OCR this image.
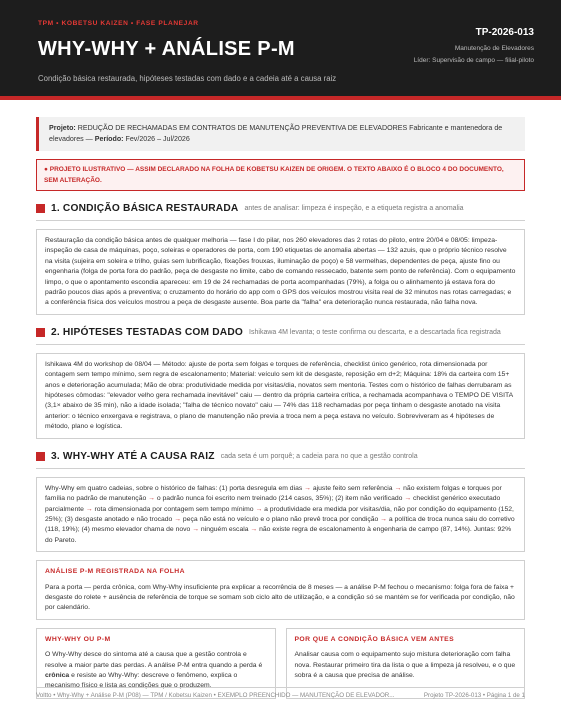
TPM • KOBETSU KAIZEN • FASE PLANEJAR
WHY-WHY + ANÁLISE P-M
Condição básica restaurada, hipóteses testadas com dado e a cadeia até a causa raiz
TP-2026-013
Manutenção de Elevadores
Líder: Supervisão de campo — filial-piloto
Projeto: REDUÇÃO DE RECHAMADAS EM CONTRATOS DE MANUTENÇÃO PREVENTIVA DE ELEVADORES Fabricante e mantenedora de elevadores — Período: Fev/2026 – Jul/2026
● PROJETO ILUSTRATIVO — ASSIM DECLARADO NA FOLHA DE KOBETSU KAIZEN DE ORIGEM. O TEXTO ABAIXO É O BLOCO 4 DO DOCUMENTO, SEM ALTERAÇÃO.
1. CONDIÇÃO BÁSICA RESTAURADA antes de analisar: limpeza é inspeção, e a etiqueta registra a anomalia
Restauração da condição básica antes de qualquer melhoria — fase I do pilar, nos 260 elevadores das 2 rotas do piloto, entre 20/04 e 08/05: limpeza-inspeção de casa de máquinas, poço, soleiras e operadores de porta, com 190 etiquetas de anomalia abertas — 132 azuis, que o próprio técnico resolve na visita (sujeira em soleira e trilho, guias sem lubrificação, fixações frouxas, iluminação de poço) e 58 vermelhas, dependentes de peça, ajuste fino ou engenharia (folga de porta fora do padrão, peça de desgaste no limite, cabo de comando ressecado, batente sem ponto de referência). Com o equipamento limpo, o que o apontamento escondia apareceu: em 19 de 24 rechamadas de porta acompanhadas (79%), a folga ou o alinhamento já estava fora do padrão poucos dias após a preventiva; o cruzamento do horário do app com o GPS dos veículos mostrou visita real de 32 minutos nas rotas carregadas; e a conferência física dos veículos mostrou a peça de desgaste ausente. Boa parte da "falha" era deterioração nunca restaurada, não falha nova.
2. HIPÓTESES TESTADAS COM DADO Ishikawa 4M levanta; o teste confirma ou descarta, e a descartada fica registrada
Ishikawa 4M do workshop de 08/04 — Método: ajuste de porta sem folgas e torques de referência, checklist único genérico, rota dimensionada por contagem sem tempo mínimo, sem regra de escalonamento; Material: veículo sem kit de desgaste, reposição em d+2; Máquina: 18% da carteira com 15+ anos e deterioração acumulada; Mão de obra: produtividade medida por visitas/dia, novatos sem mentoria. Testes com o histórico de falhas derrubaram as hipóteses cômodas: "elevador velho gera rechamada inevitável" caiu — dentro da própria carteira crítica, a rechamada acompanhava o TEMPO DE VISITA (3,1× abaixo de 35 min), não a idade isolada; "falha de técnico novato" caiu — 74% das 118 rechamadas por peça tinham o desgaste anotado na visita anterior: o técnico enxergava e registrava, o plano de manutenção não previa a troca nem a peça estava no veículo. Sobreviveram as 4 hipóteses de método, plano e logística.
3. WHY-WHY ATÉ A CAUSA RAIZ cada seta é um porquê; a cadeia para no que a gestão controla
Why-Why em quatro cadeias, sobre o histórico de falhas: (1) porta desregula em dias → ajuste feito sem referência → não existem folgas e torques por família no padrão de manutenção → o padrão nunca foi escrito nem treinado (214 casos, 35%); (2) item não verificado → checklist genérico executado parcialmente → rota dimensionada por contagem sem tempo mínimo → a produtividade era medida por visitas/dia, não por condição do equipamento (152, 25%); (3) desgaste anotado e não trocado → peça não está no veículo e o plano não prevê troca por condição → a política de troca nunca saiu do corretivo (118, 19%); (4) mesmo elevador chama de novo → ninguém escala → não existe regra de escalonamento à engenharia de campo (87, 14%). Juntas: 92% do Pareto.
ANÁLISE P-M REGISTRADA NA FOLHA
Para a porta — perda crônica, com Why-Why insuficiente pra explicar a recorrência de 8 meses — a análise P-M fechou o mecanismo: folga fora de faixa + desgaste do rolete + ausência de referência de torque se somam sob ciclo alto de utilização, e a condição só se mantém se for verificada por condição, não por calendário.
WHY-WHY OU P-M
O Why-Why desce do sintoma até a causa que a gestão controla e resolve a maior parte das perdas. A análise P-M entra quando a perda é crônica e resiste ao Why-Why: descreve o fenômeno, explica o mecanismo físico e lista as condições que o produzem.
POR QUE A CONDIÇÃO BÁSICA VEM ANTES
Analisar causa com o equipamento sujo mistura deterioração com falha nova. Restaurar primeiro tira da lista o que a limpeza já resolveu, e o que sobra é a causa que precisa de análise.
Voltto • Why-Why + Análise P-M (P08) — TPM / Kobetsu Kaizen • EXEMPLO PREENCHIDO — MANUTENÇÃO DE ELEVADOR...	Projeto TP-2026-013 • Página 1 de 1
